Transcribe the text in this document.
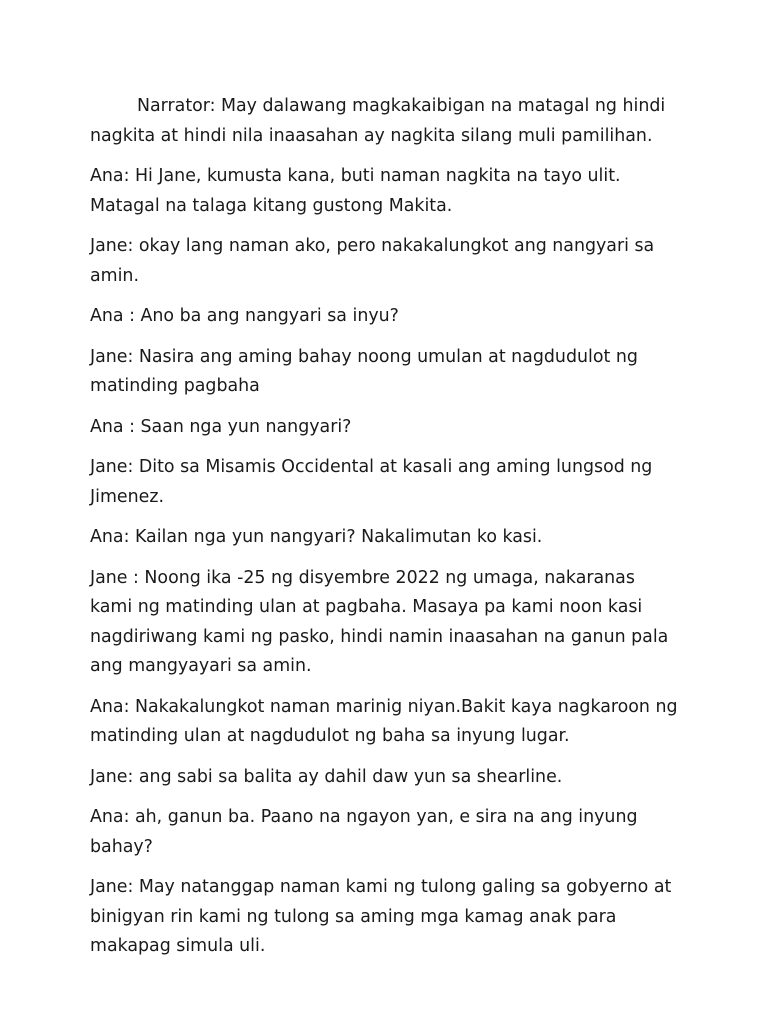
Narrator: May dalawang magkakaibigan na matagal ng hindi nagkita at hindi nila inaasahan ay nagkita silang muli pamilihan.

Ana: Hi Jane, kumusta kana, buti naman nagkita na tayo ulit. Matagal na talaga kitang gustong Makita.

Jane: okay lang naman ako, pero nakakalungkot ang nangyari sa amin.

Ana : Ano ba ang nangyari sa inyu?

Jane: Nasira ang aming bahay noong umulan at nagdudulot ng matinding pagbaha

Ana : Saan nga yun nangyari?

Jane: Dito sa Misamis Occidental at kasali ang aming lungsod ng Jimenez.

Ana: Kailan nga yun nangyari? Nakalimutan ko kasi.

Jane : Noong ika -25 ng disyembre 2022 ng umaga, nakaranas kami ng matinding ulan at pagbaha. Masaya pa kami noon kasi nagdiriwang kami ng pasko, hindi namin inaasahan na ganun pala ang mangyayari sa amin.

Ana: Nakakalungkot naman marinig niyan.Bakit kaya nagkaroon ng matinding ulan at nagdudulot ng baha sa inyung lugar.

Jane: ang sabi sa balita ay dahil daw yun sa shearline.

Ana: ah, ganun ba. Paano na ngayon yan, e sira na ang inyung bahay?

Jane: May natanggap naman kami ng tulong galing sa gobyerno at binigyan rin kami ng tulong sa aming mga kamag anak para makapag simula uli.
